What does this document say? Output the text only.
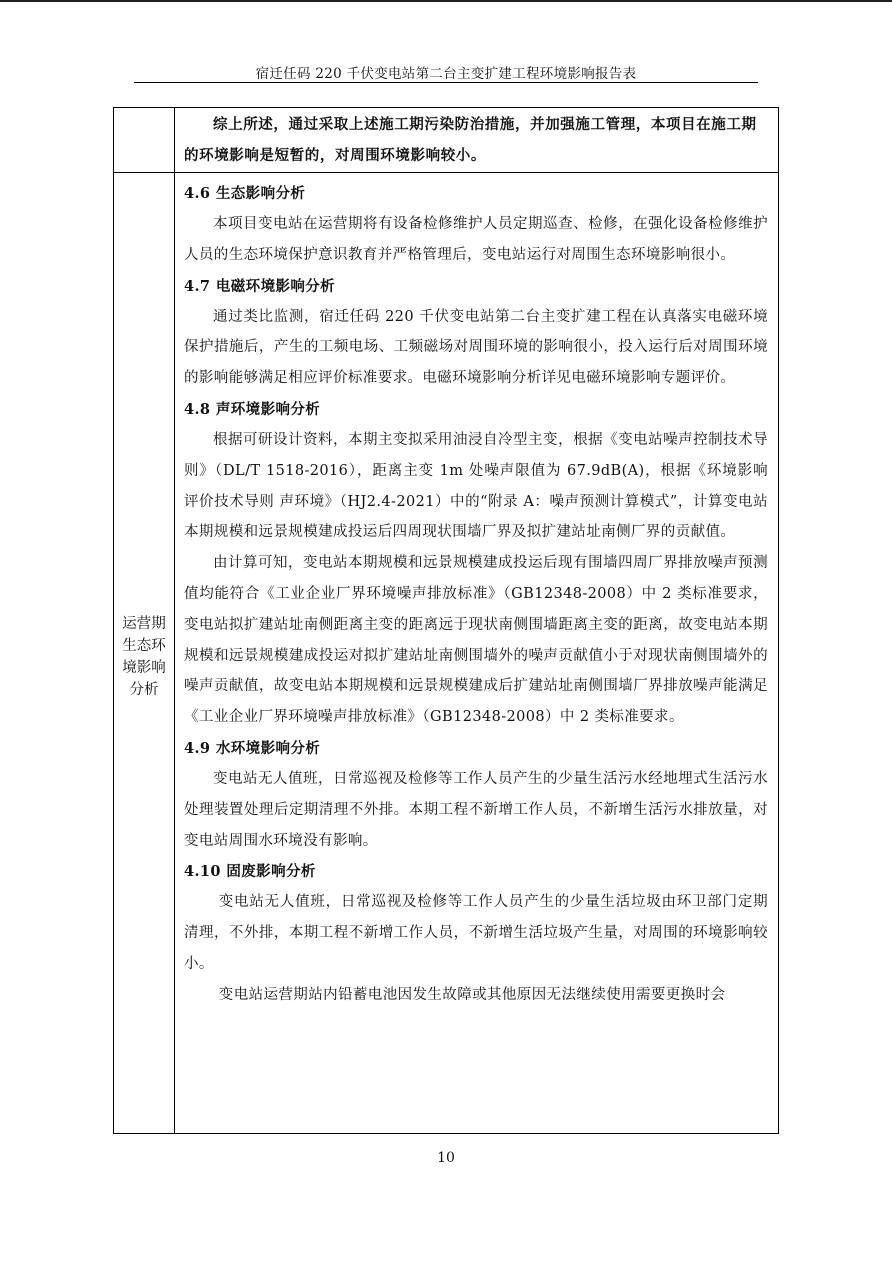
宿迁任码 220 千伏变电站第二台主变扩建工程环境影响报告表
综上所述，通过采取上述施工期污染防治措施，并加强施工管理，本项目在施工期的环境影响是短暂的，对周围环境影响较小。
运营期
生态环
境影响
分析
4.6 生态影响分析

本项目变电站在运营期将有设备检修维护人员定期巡查、检修，在强化设备检修维护人员的生态环境保护意识教育并严格管理后，变电站运行对周围生态环境影响很小。

4.7 电磁环境影响分析

通过类比监测，宿迁任码 220 千伏变电站第二台主变扩建工程在认真落实电磁环境保护措施后，产生的工频电场、工频磁场对周围环境的影响很小，投入运行后对周围环境的影响能够满足相应评价标准要求。电磁环境影响分析详见电磁环境影响专题评价。

4.8 声环境影响分析

根据可研设计资料，本期主变拟采用油浸自冷型主变，根据《变电站噪声控制技术导则》（DL/T 1518-2016），距离主变 1m 处噪声限值为 67.9dB(A)，根据《环境影响评价技术导则 声环境》（HJ2.4-2021）中的“附录 A：噪声预测计算模式”，计算变电站本期规模和远景规模建成投运后四周现状围墙厂界及拟扩建站址南侧厂界的贡献值。

由计算可知，变电站本期规模和远景规模建成投运后现有围墙四周厂界排放噪声预测值均能符合《工业企业厂界环境噪声排放标准》（GB12348-2008）中 2 类标准要求，变电站拟扩建站址南侧距离主变的距离远于现状南侧围墙距离主变的距离，故变电站本期规模和远景规模建成投运对拟扩建站址南侧围墙外的噪声贡献值小于对现状南侧围墙外的噪声贡献值，故变电站本期规模和远景规模建成后扩建站址南侧围墙厂界排放噪声能满足《工业企业厂界环境噪声排放标准》（GB12348-2008）中 2 类标准要求。

4.9 水环境影响分析

变电站无人值班，日常巡视及检修等工作人员产生的少量生活污水经地埋式生活污水处理装置处理后定期清理不外排。本期工程不新增工作人员，不新增生活污水排放量，对变电站周围水环境没有影响。

4.10 固废影响分析

变电站无人值班，日常巡视及检修等工作人员产生的少量生活垃圾由环卫部门定期清理，不外排，本期工程不新增工作人员，不新增生活垃圾产生量，对周围的环境影响较小。

变电站运营期站内铅蓄电池因发生故障或其他原因无法继续使用需要更换时会

10
